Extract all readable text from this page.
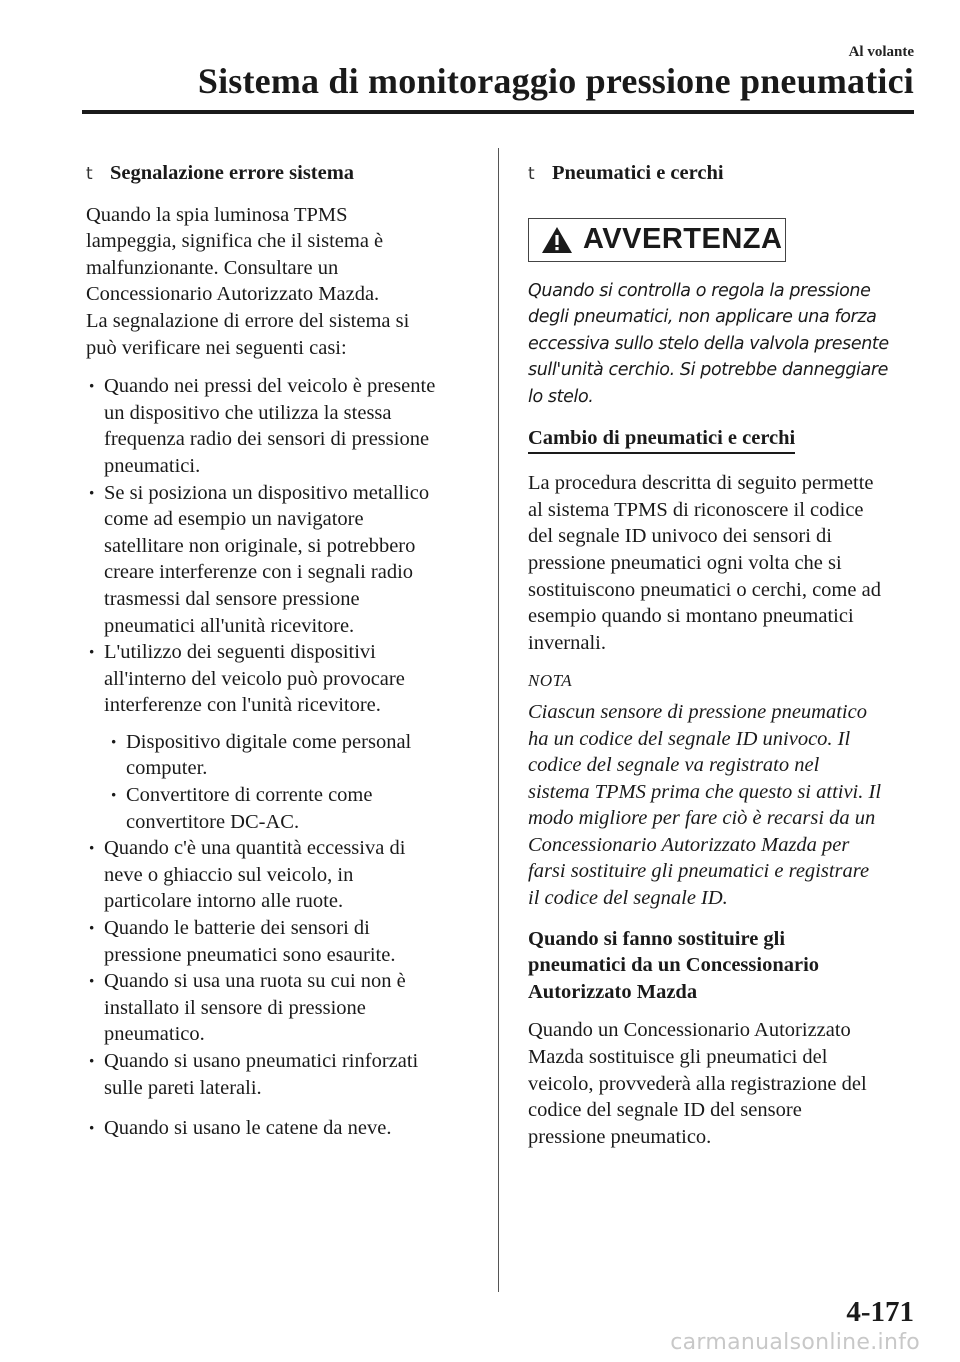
Al volante
Sistema di monitoraggio pressione pneumatici
t Segnalazione errore sistema

Quando la spia luminosa TPMS

lampeggia, significa che il sistema è

malfunzionante. Consultare un

Concessionario Autorizzato Mazda.

La segnalazione di errore del sistema si

può verificare nei seguenti casi:

· Quando nei pressi del veicolo è presente

un dispositivo che utilizza la stessa

frequenza radio dei sensori di pressione

pneumatici.

· Se si posiziona un dispositivo metallico

come ad esempio un navigatore

satellitare non originale, si potrebbero

creare interferenze con i segnali radio

trasmessi dal sensore pressione

pneumatici all'unità ricevitore.

· L'utilizzo dei seguenti dispositivi

all'interno del veicolo può provocare

interferenze con l'unità ricevitore.

· Dispositivo digitale come personal

computer.

· Convertitore di corrente come

convertitore DC-AC.

· Quando c'è una quantità eccessiva di

neve o ghiaccio sul veicolo, in

particolare intorno alle ruote.

· Quando le batterie dei sensori di

pressione pneumatici sono esaurite.

· Quando si usa una ruota su cui non è

installato il sensore di pressione

pneumatico.

· Quando si usano pneumatici rinforzati

sulle pareti laterali.

· Quando si usano le catene da neve.

t Pneumatici e cerchi
AVVERTENZA

Quando si controlla o regola la pressione

degli pneumatici, non applicare una forza

eccessiva sullo stelo della valvola presente

sull'unità cerchio. Si potrebbe danneggiare

lo stelo.

Cambio di pneumatici e cerchi

La procedura descritta di seguito permette

al sistema TPMS di riconoscere il codice

del segnale ID univoco dei sensori di

pressione pneumatici ogni volta che si

sostituiscono pneumatici o cerchi, come ad

esempio quando si montano pneumatici

invernali.

NOTA

Ciascun sensore di pressione pneumatico

ha un codice del segnale ID univoco. Il

codice del segnale va registrato nel

sistema TPMS prima che questo si attivi. Il

modo migliore per fare ciò è recarsi da un

Concessionario Autorizzato Mazda per

farsi sostituire gli pneumatici e registrare

il codice del segnale ID.

Quando si fanno sostituire gli

pneumatici da un Concessionario

Autorizzato Mazda

Quando un Concessionario Autorizzato

Mazda sostituisce gli pneumatici del

veicolo, provvederà alla registrazione del

codice del segnale ID del sensore

pressione pneumatico.

4-171
carmanualsonline.info
